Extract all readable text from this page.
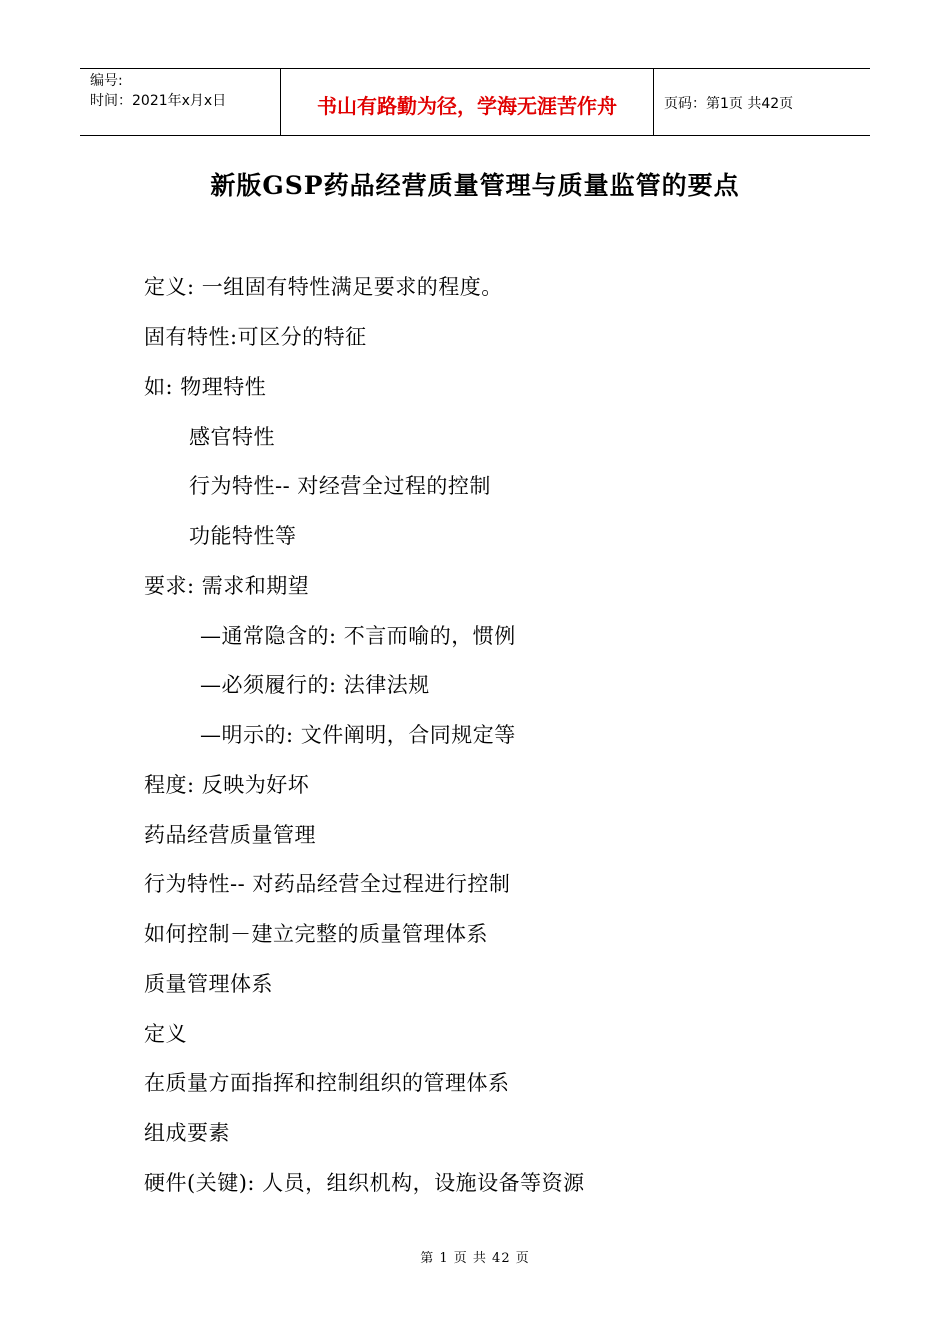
编号:
时间：2021年x月x日	书山有路勤为径，学海无涯苦作舟	页码：第1页 共42页
新版GSP药品经营质量管理与质量监管的要点
定义: 一组固有特性满足要求的程度。
固有特性:可区分的特征
如: 物理特性
感官特性
行为特性-- 对经营全过程的控制
功能特性等
要求: 需求和期望
—通常隐含的: 不言而喻的，惯例
—必须履行的: 法律法规
—明示的: 文件阐明，合同规定等
程度: 反映为好坏
药品经营质量管理
行为特性-- 对药品经营全过程进行控制
如何控制－建立完整的质量管理体系
质量管理体系
定义
在质量方面指挥和控制组织的管理体系
组成要素
硬件(关键): 人员，组织机构，设施设备等资源
第 1 页 共 42 页
